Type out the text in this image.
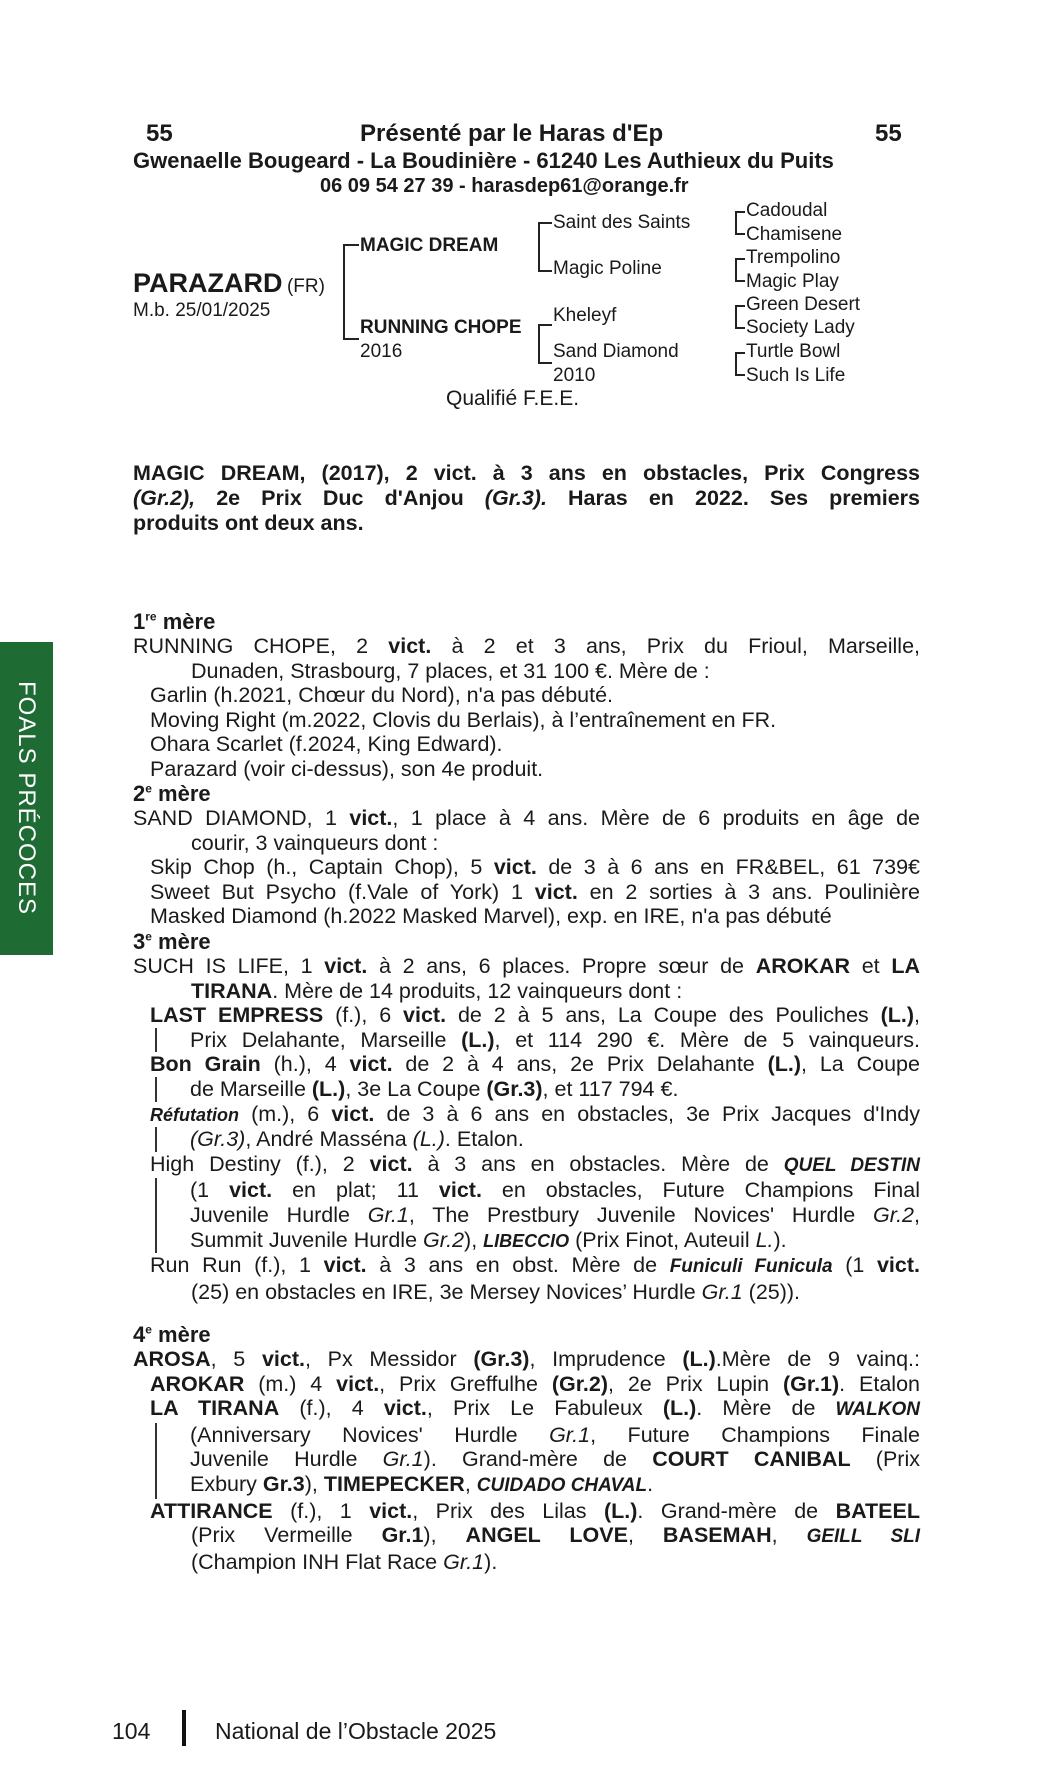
55	Présenté par le Haras d'Ep	55
Gwenaelle Bougeard - La Boudinière - 61240 Les Authieux du Puits
06 09 54 27 39 - harasdep61@orange.fr
PARAZARD (FR)
M.b. 25/01/2025
MAGIC DREAM
RUNNING CHOPE
2016
Saint des Saints
Magic Poline
Kheleyf
Sand Diamond
2010
Cadoudal
Chamisene
Trempolino
Magic Play
Green Desert
Society Lady
Turtle Bowl
Such Is Life
Qualifié F.E.E.
MAGIC DREAM, (2017), 2 vict. à 3 ans en obstacles, Prix Congress
(Gr.2), 2e Prix Duc d'Anjou (Gr.3). Haras en 2022. Ses premiers
produits ont deux ans.
FOALS PRÉCOCES
1re mère
RUNNING CHOPE, 2 vict. à 2 et 3 ans, Prix du Frioul, Marseille,
Dunaden, Strasbourg, 7 places, et 31 100 €. Mère de :
Garlin (h.2021, Chœur du Nord), n'a pas débuté.
Moving Right (m.2022, Clovis du Berlais), à l’entraînement en FR.
Ohara Scarlet (f.2024, King Edward).
Parazard (voir ci-dessus), son 4e produit.
2e mère
SAND DIAMOND, 1 vict., 1 place à 4 ans. Mère de 6 produits en âge de
courir, 3 vainqueurs dont :
Skip Chop (h., Captain Chop), 5 vict. de 3 à 6 ans en FR&BEL, 61 739€
Sweet But Psycho (f.Vale of York) 1 vict. en 2 sorties à 3 ans. Poulinière
Masked Diamond (h.2022 Masked Marvel), exp. en IRE, n'a pas débuté
3e mère
SUCH IS LIFE, 1 vict. à 2 ans, 6 places. Propre sœur de AROKAR et LA
TIRANA. Mère de 14 produits, 12 vainqueurs dont :
LAST EMPRESS (f.), 6 vict. de 2 à 5 ans, La Coupe des Pouliches (L.),
Prix Delahante, Marseille (L.), et 114 290 €. Mère de 5 vainqueurs.
Bon Grain (h.), 4 vict. de 2 à 4 ans, 2e Prix Delahante (L.), La Coupe
de Marseille (L.), 3e La Coupe (Gr.3), et 117 794 €.
Réfutation (m.), 6 vict. de 3 à 6 ans en obstacles, 3e Prix Jacques d'Indy
(Gr.3), André Masséna (L.). Etalon.
High Destiny (f.), 2 vict. à 3 ans en obstacles. Mère de QUEL DESTIN
(1 vict. en plat; 11 vict. en obstacles, Future Champions Final
Juvenile Hurdle Gr.1, The Prestbury Juvenile Novices' Hurdle Gr.2,
Summit Juvenile Hurdle Gr.2), LIBECCIO (Prix Finot, Auteuil L.).
Run Run (f.), 1 vict. à 3 ans en obst. Mère de Funiculi Funicula (1 vict.
(25) en obstacles en IRE, 3e Mersey Novices’ Hurdle Gr.1 (25)).
4e mère
AROSA, 5 vict., Px Messidor (Gr.3), Imprudence (L.).Mère de 9 vainq.:
AROKAR (m.) 4 vict., Prix Greffulhe (Gr.2), 2e Prix Lupin (Gr.1). Etalon
LA TIRANA (f.), 4 vict., Prix Le Fabuleux (L.). Mère de WALKON
(Anniversary Novices' Hurdle Gr.1, Future Champions Finale
Juvenile Hurdle Gr.1). Grand-mère de COURT CANIBAL (Prix
Exbury Gr.3), TIMEPECKER, CUIDADO CHAVAL.
ATTIRANCE (f.), 1 vict., Prix des Lilas (L.). Grand-mère de BATEEL
(Prix Vermeille Gr.1), ANGEL LOVE, BASEMAH, GEILL SLI
(Champion INH Flat Race Gr.1).
104	National de l’Obstacle 2025
